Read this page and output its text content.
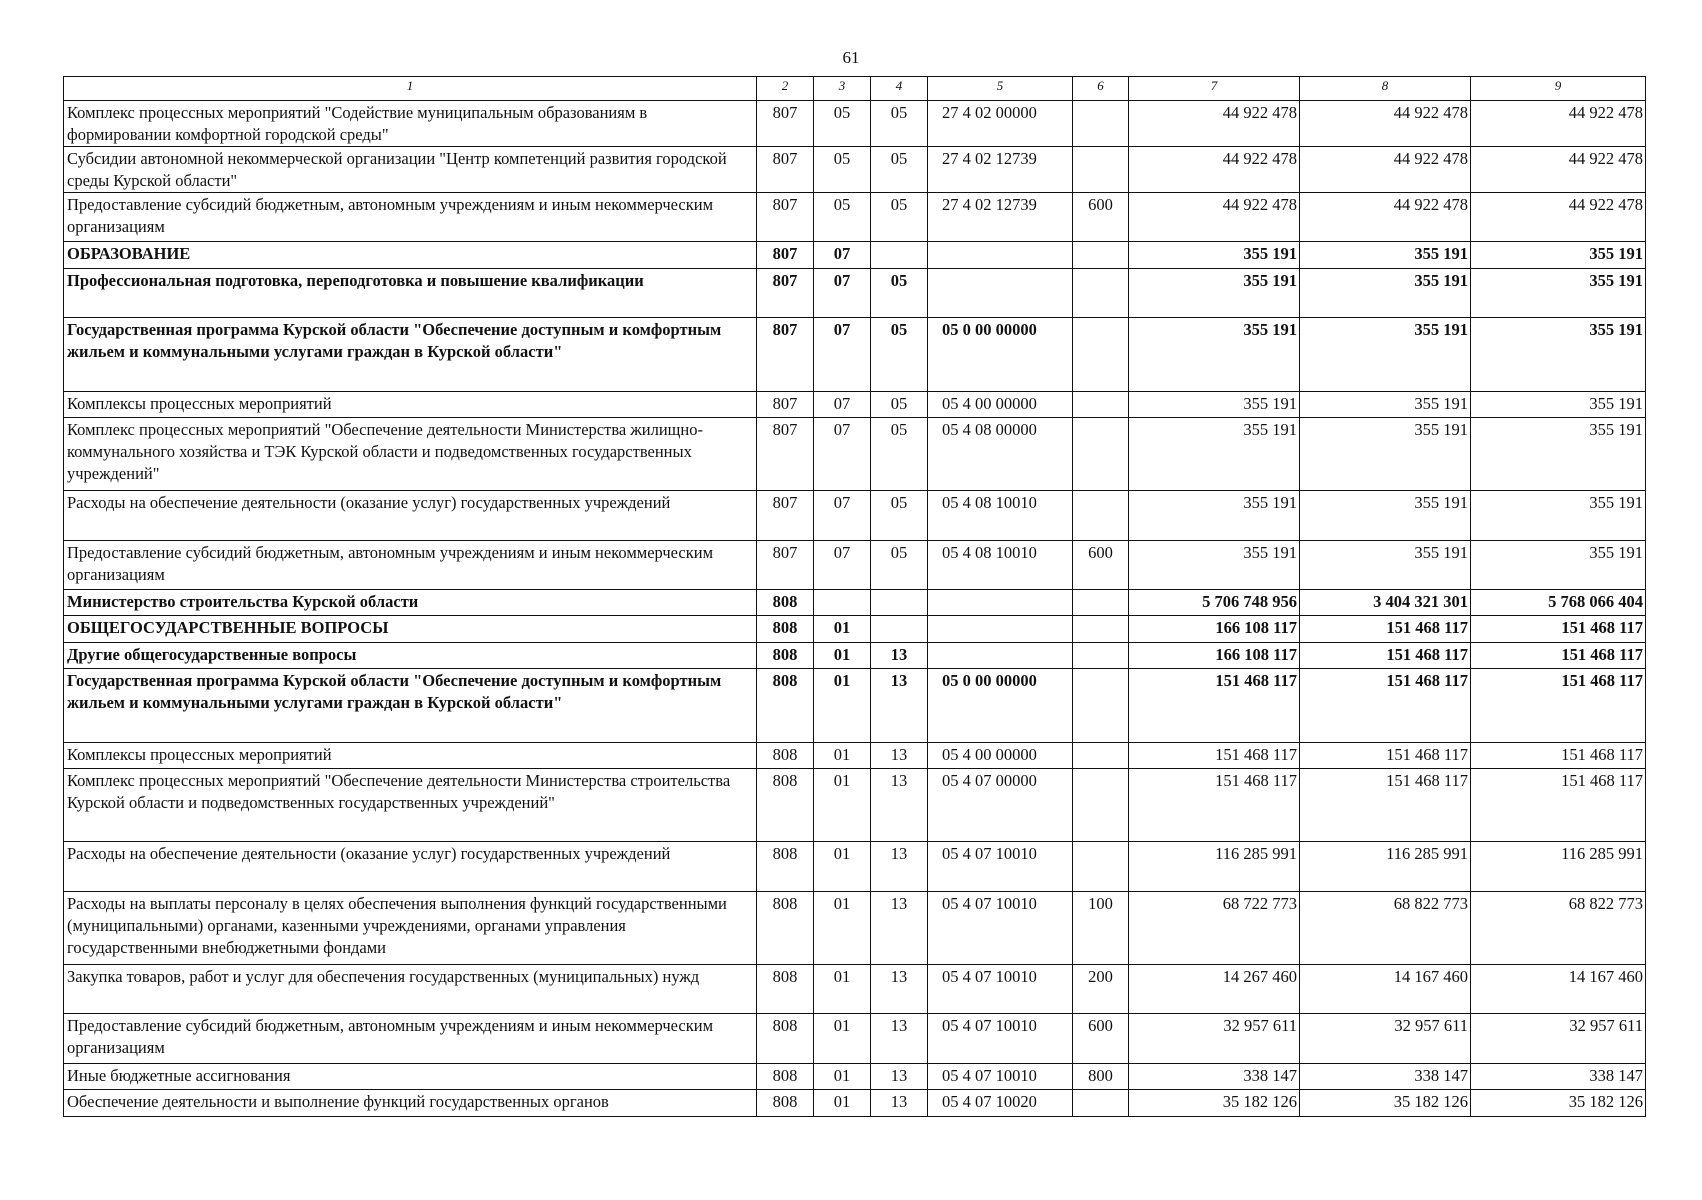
61
1	2	3	4	5	6	7	8	9
Комплекс процессных мероприятий "Содействие муниципальным образованиям в формировании комфортной городской среды"	807	05	05	27 4 02 00000		44 922 478	44 922 478	44 922 478
Субсидии автономной некоммерческой организации "Центр компетенций развития городской среды Курской области"	807	05	05	27 4 02 12739		44 922 478	44 922 478	44 922 478
Предоставление субсидий бюджетным, автономным учреждениям и иным некоммерческим организациям	807	05	05	27 4 02 12739	600	44 922 478	44 922 478	44 922 478
ОБРАЗОВАНИЕ	807	07				355 191	355 191	355 191
Профессиональная подготовка, переподготовка и повышение квалификации	807	07	05			355 191	355 191	355 191
Государственная программа Курской области "Обеспечение доступным и комфортным жильем и коммунальными услугами граждан в Курской области"	807	07	05	05 0 00 00000		355 191	355 191	355 191
Комплексы процессных мероприятий	807	07	05	05 4 00 00000		355 191	355 191	355 191
Комплекс процессных мероприятий "Обеспечение деятельности Министерства жилищно-коммунального хозяйства и ТЭК Курской области и подведомственных государственных учреждений"	807	07	05	05 4 08 00000		355 191	355 191	355 191
Расходы на обеспечение деятельности (оказание услуг) государственных учреждений	807	07	05	05 4 08 10010		355 191	355 191	355 191
Предоставление субсидий бюджетным, автономным учреждениям и иным некоммерческим организациям	807	07	05	05 4 08 10010	600	355 191	355 191	355 191
Министерство строительства Курской области	808					5 706 748 956	3 404 321 301	5 768 066 404
ОБЩЕГОСУДАРСТВЕННЫЕ ВОПРОСЫ	808	01				166 108 117	151 468 117	151 468 117
Другие общегосударственные вопросы	808	01	13			166 108 117	151 468 117	151 468 117
Государственная программа Курской области "Обеспечение доступным и комфортным жильем и коммунальными услугами граждан в Курской области"	808	01	13	05 0 00 00000		151 468 117	151 468 117	151 468 117
Комплексы процессных мероприятий	808	01	13	05 4 00 00000		151 468 117	151 468 117	151 468 117
Комплекс процессных мероприятий "Обеспечение деятельности Министерства строительства Курской области и подведомственных государственных учреждений"	808	01	13	05 4 07 00000		151 468 117	151 468 117	151 468 117
Расходы на обеспечение деятельности (оказание услуг) государственных учреждений	808	01	13	05 4 07 10010		116 285 991	116 285 991	116 285 991
Расходы на выплаты персоналу в целях обеспечения выполнения функций государственными (муниципальными) органами, казенными учреждениями, органами управления государственными внебюджетными фондами	808	01	13	05 4 07 10010	100	68 722 773	68 822 773	68 822 773
Закупка товаров, работ и услуг для обеспечения государственных (муниципальных) нужд	808	01	13	05 4 07 10010	200	14 267 460	14 167 460	14 167 460
Предоставление субсидий бюджетным, автономным учреждениям и иным некоммерческим организациям	808	01	13	05 4 07 10010	600	32 957 611	32 957 611	32 957 611
Иные бюджетные ассигнования	808	01	13	05 4 07 10010	800	338 147	338 147	338 147
Обеспечение деятельности и выполнение функций государственных органов	808	01	13	05 4 07 10020		35 182 126	35 182 126	35 182 126
